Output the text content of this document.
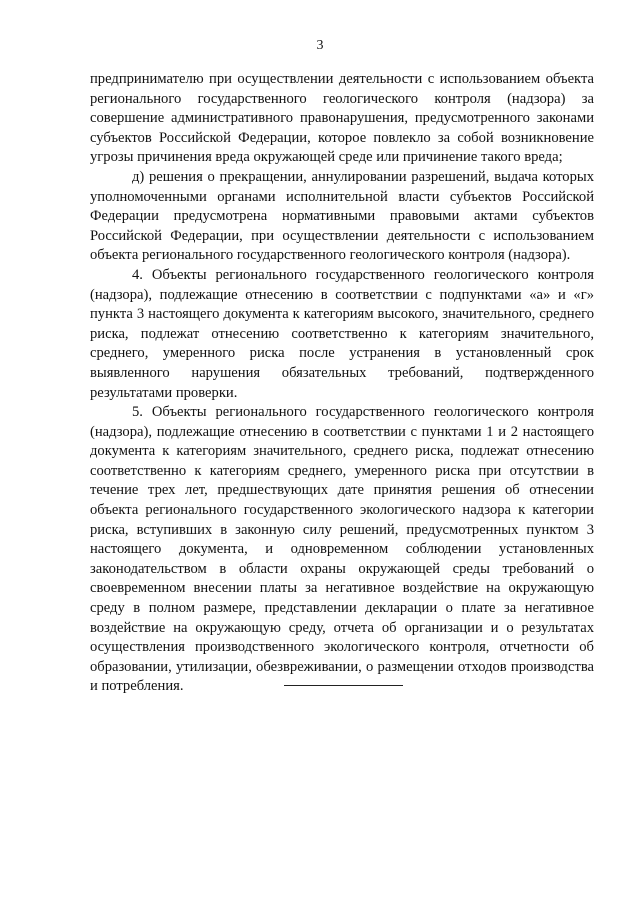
3

предпринимателю при осуществлении деятельности с использованием объекта регионального государственного геологического контроля (надзора) за совершение административного правонарушения, предусмотренного законами субъектов Российской Федерации, которое повлекло за собой возникновение угрозы причинения вреда окружающей среде или причинение такого вреда;

д) решения о прекращении, аннулировании разрешений, выдача которых уполномоченными органами исполнительной власти субъектов Российской Федерации предусмотрена нормативными правовыми актами субъектов Российской Федерации, при осуществлении деятельности с использованием объекта регионального государственного геологического контроля (надзора).

4. Объекты регионального государственного геологического контроля (надзора), подлежащие отнесению в соответствии с подпунктами «а» и «г» пункта 3 настоящего документа к категориям высокого, значительного, среднего риска, подлежат отнесению соответственно к категориям значительного, среднего, умеренного риска после устранения в установленный срок выявленного нарушения обязательных требований, подтвержденного результатами проверки.

5. Объекты регионального государственного геологического контроля (надзора), подлежащие отнесению в соответствии с пунктами 1 и 2 настоящего документа к категориям значительного, среднего риска, подлежат отнесению соответственно к категориям среднего, умеренного риска при отсутствии в течение трех лет, предшествующих дате принятия решения об отнесении объекта регионального государственного экологического надзора к категории риска, вступивших в законную силу решений, предусмотренных пунктом 3 настоящего документа, и одновременном соблюдении установленных законодательством в области охраны окружающей среды требований о своевременном внесении платы за негативное воздействие на окружающую среду в полном размере, представлении декларации о плате за негативное воздействие на окружающую среду, отчета об организации и о результатах осуществления производственного экологического контроля, отчетности об образовании, утилизации, обезвреживании, о размещении отходов производства и потребления.
